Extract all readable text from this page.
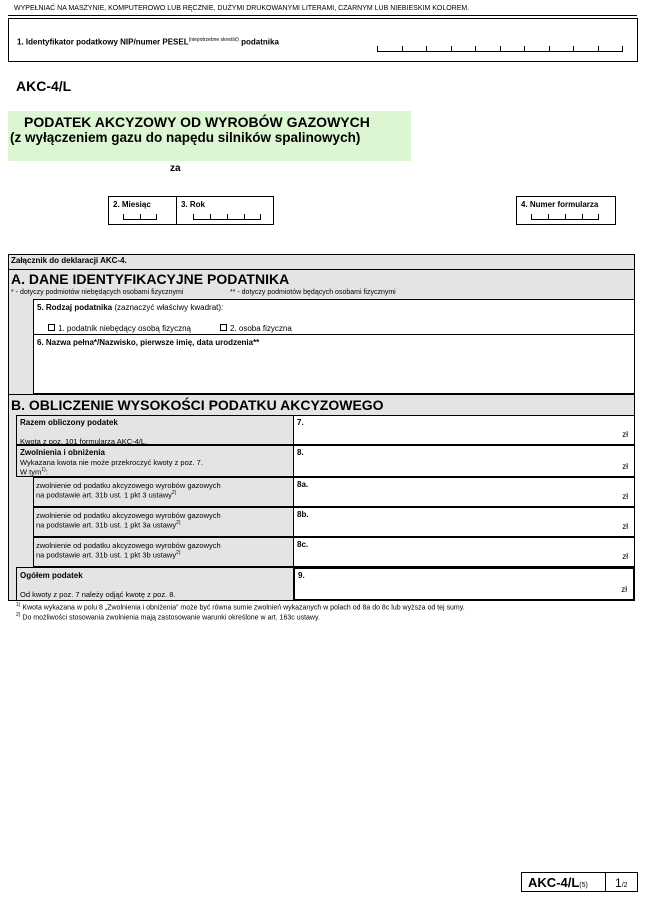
WYPEŁNIAĆ NA MASZYNIE, KOMPUTEROWO LUB RĘCZNIE, DUŻYMI DRUKOWANYMI LITERAMI, CZARNYM LUB NIEBIESKIM KOLOREM.
1. Identyfikator podatkowy NIP/numer $PESEL^{(niepotrzebne skreślić)}$ podatnika
AKC-4/L
PODATEK AKCYZOWY OD WYROBÓW GAZOWYCH
(z wyłączeniem gazu do napędu silników spalinowych)
za
2. Miesiąc	3. Rok	4. Numer formularza
Załącznik do deklaracji AKC-4.
A. DANE IDENTYFIKACYJNE PODATNIKA
* - dotyczy podmiotów niebędących osobami fizycznymi	** - dotyczy podmiotów będących osobami fizycznymi
5. Rodzaj podatnika (zaznaczyć właściwy kwadrat):
1. podatnik niebędący osobą fizyczną	2. osoba fizyczna
6. Nazwa pełna*/Nazwisko, pierwsze imię, data urodzenia**
B. OBLICZENIE WYSOKOŚCI PODATKU AKCYZOWEGO
Razem obliczony podatek
Kwota z poz. 101 formularza AKC-4/L.
7.
zł
Zwolnienia i obniżenia
Wykazana kwota nie może przekroczyć kwoty z poz. 7.
W tym$^{1)}$:
8.
zł
zwolnienie od podatku akcyzowego wyrobów gazowych
na podstawie art. 31b ust. 1 pkt 3 ustawy$^{2)}$
8a.
zł
zwolnienie od podatku akcyzowego wyrobów gazowych
na podstawie art. 31b ust. 1 pkt 3a ustawy$^{2)}$
8b.
zł
zwolnienie od podatku akcyzowego wyrobów gazowych
na podstawie art. 31b ust. 1 pkt 3b ustawy$^{2)}$
8c.
zł
Ogółem podatek
Od kwoty z poz. 7 należy odjąć kwotę z poz. 8.
9.
zł
$^{1)}$ Kwota wykazana w polu 8 „Zwolnienia i obniżenia” może być równa sumie zwolnień wykazanych w polach od 8a do 8c lub wyższa od tej sumy.
$^{2)}$ Do możliwości stosowania zwolnienia mają zastosowanie warunki określone w art. 163c ustawy.
AKC-4/L(5) 1/2
